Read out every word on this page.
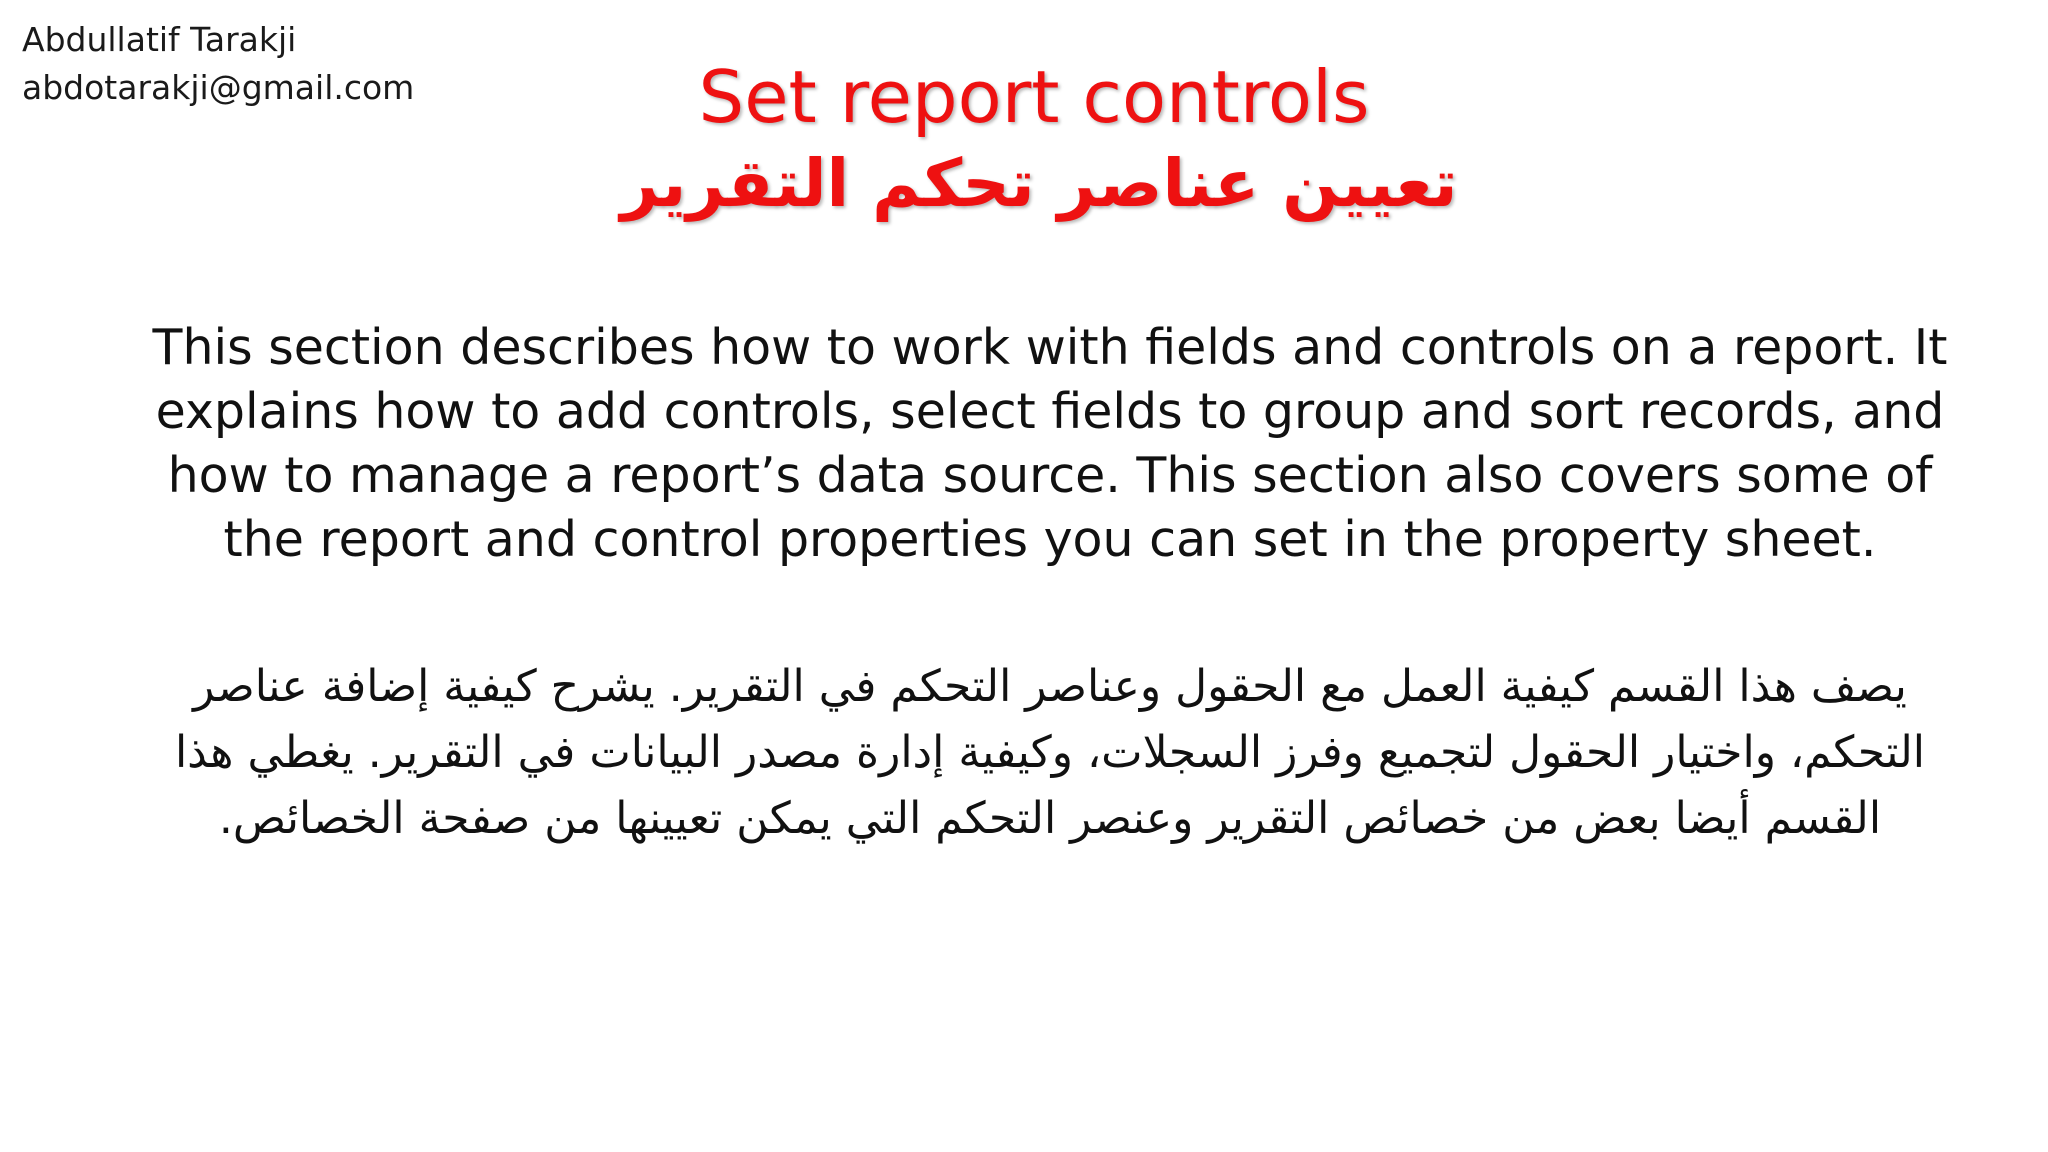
Abdullatif Tarakji
abdotarakji@gmail.com	Set report controls
تعيين عناصر تحكم التقرير
This section describes how to work with fields and controls on a report. It explains how to add controls, select fields to group and sort records, and how to manage a report’s data source. This section also covers some of the report and control properties you can set in the property sheet.
يصف هذا القسم كيفية العمل مع الحقول وعناصر التحكم في التقرير. يشرح كيفية إضافة عناصر التحكم، واختيار الحقول لتجميع وفرز السجلات، وكيفية إدارة مصدر البيانات في التقرير. يغطي هذا القسم أيضا بعض من خصائص التقرير وعنصر التحكم التي يمكن تعيينها من صفحة الخصائص.
